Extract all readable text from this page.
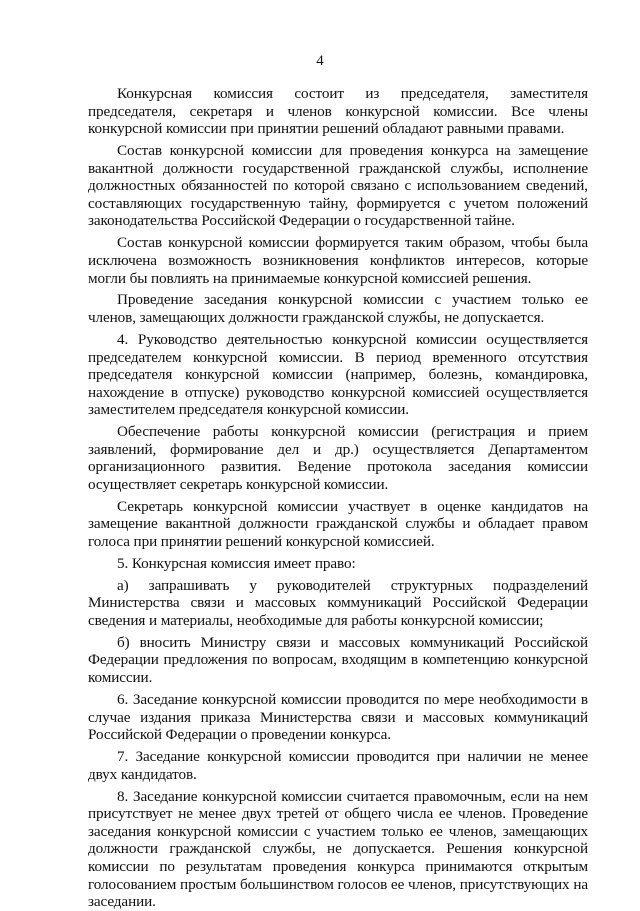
4

Конкурсная комиссия состоит из председателя, заместителя председателя, секретаря и членов конкурсной комиссии. Все члены конкурсной комиссии при принятии решений обладают равными правами.

Состав конкурсной комиссии для проведения конкурса на замещение вакантной должности государственной гражданской службы, исполнение должностных обязанностей по которой связано с использованием сведений, составляющих государственную тайну, формируется с учетом положений законодательства Российской Федерации о государственной тайне.

Состав конкурсной комиссии формируется таким образом, чтобы была исключена возможность возникновения конфликтов интересов, которые могли бы повлиять на принимаемые конкурсной комиссией решения.

Проведение заседания конкурсной комиссии с участием только ее членов, замещающих должности гражданской службы, не допускается.

4. Руководство деятельностью конкурсной комиссии осуществляется председателем конкурсной комиссии. В период временного отсутствия председателя конкурсной комиссии (например, болезнь, командировка, нахождение в отпуске) руководство конкурсной комиссией осуществляется заместителем председателя конкурсной комиссии.

Обеспечение работы конкурсной комиссии (регистрация и прием заявлений, формирование дел и др.) осуществляется Департаментом организационного развития. Ведение протокола заседания комиссии осуществляет секретарь конкурсной комиссии.

Секретарь конкурсной комиссии участвует в оценке кандидатов на замещение вакантной должности гражданской службы и обладает правом голоса при принятии решений конкурсной комиссией.

5. Конкурсная комиссия имеет право:

а) запрашивать у руководителей структурных подразделений Министерства связи и массовых коммуникаций Российской Федерации сведения и материалы, необходимые для работы конкурсной комиссии;

б) вносить Министру связи и массовых коммуникаций Российской Федерации предложения по вопросам, входящим в компетенцию конкурсной комиссии.

6. Заседание конкурсной комиссии проводится по мере необходимости в случае издания приказа Министерства связи и массовых коммуникаций Российской Федерации о проведении конкурса.

7. Заседание конкурсной комиссии проводится при наличии не менее двух кандидатов.

8. Заседание конкурсной комиссии считается правомочным, если на нем присутствует не менее двух третей от общего числа ее членов. Проведение заседания конкурсной комиссии с участием только ее членов, замещающих должности гражданской службы, не допускается. Решения конкурсной комиссии по результатам проведения конкурса принимаются открытым голосованием простым большинством голосов ее членов, присутствующих на заседании.
